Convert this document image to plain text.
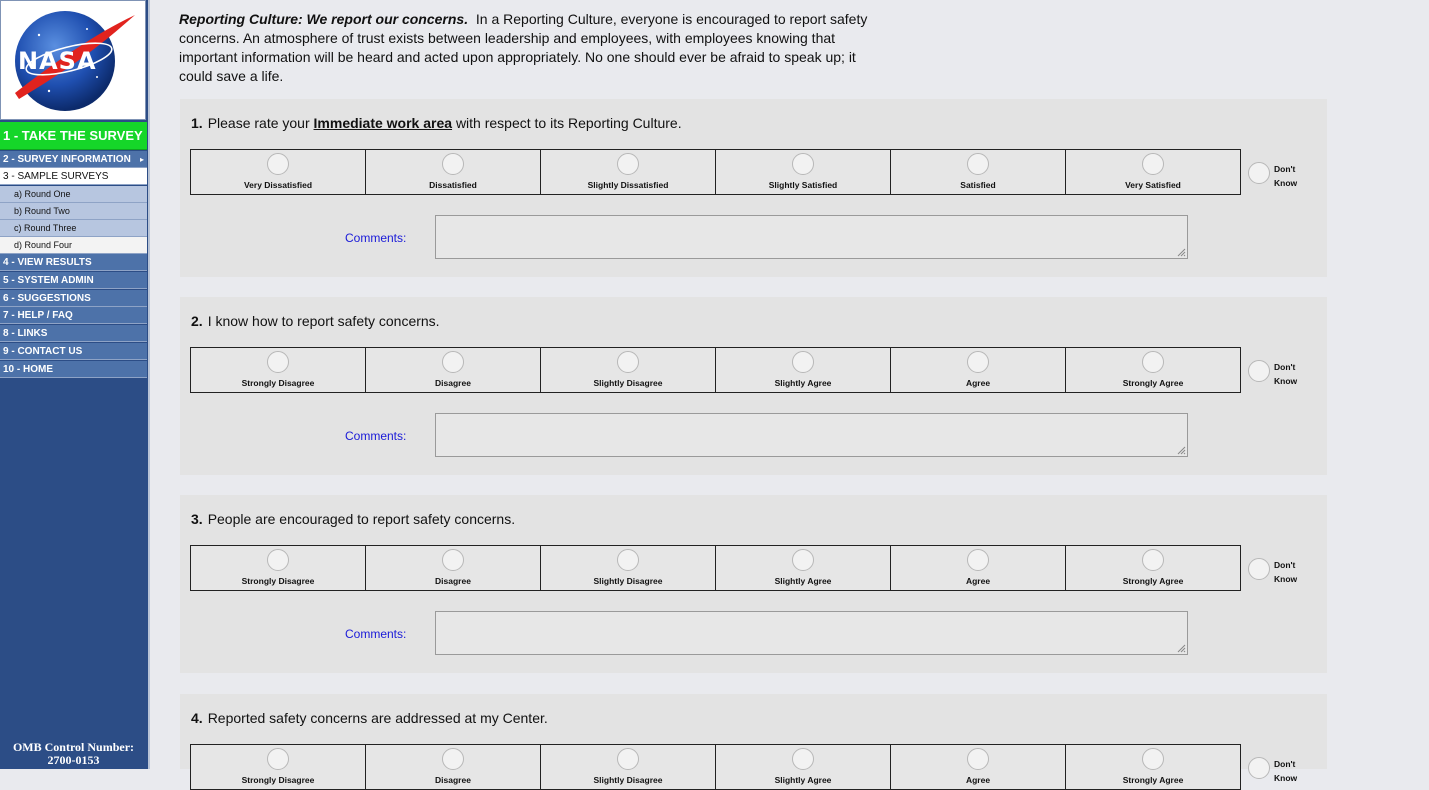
NASA
1 - TAKE THE SURVEY
2 - SURVEY INFORMATION ▸
3 - SAMPLE SURVEYS
a) Round One
b) Round Two
c) Round Three
d) Round Four
4 - VIEW RESULTS
5 - SYSTEM ADMIN
6 - SUGGESTIONS
7 - HELP / FAQ
8 - LINKS
9 - CONTACT US
10 - HOME
OMB Control Number:
2700-0153
Reporting Culture: We report our concerns. In a Reporting Culture, everyone is encouraged to report safety concerns. An atmosphere of trust exists between leadership and employees, with employees knowing that important information will be heard and acted upon appropriately. No one should ever be afraid to speak up; it could save a life.
1. Please rate your Immediate work area with respect to its Reporting Culture.
Very Dissatisfied	Dissatisfied	Slightly Dissatisfied	Slightly Satisfied	Satisfied	Very Satisfied
Don't Know
Comments:
2. I know how to report safety concerns.
Strongly Disagree	Disagree	Slightly Disagree	Slightly Agree	Agree	Strongly Agree
Don't Know
Comments:
3. People are encouraged to report safety concerns.
Strongly Disagree	Disagree	Slightly Disagree	Slightly Agree	Agree	Strongly Agree
Don't Know
Comments:
4. Reported safety concerns are addressed at my Center.
Strongly Disagree	Disagree	Slightly Disagree	Slightly Agree	Agree	Strongly Agree
Don't Know
